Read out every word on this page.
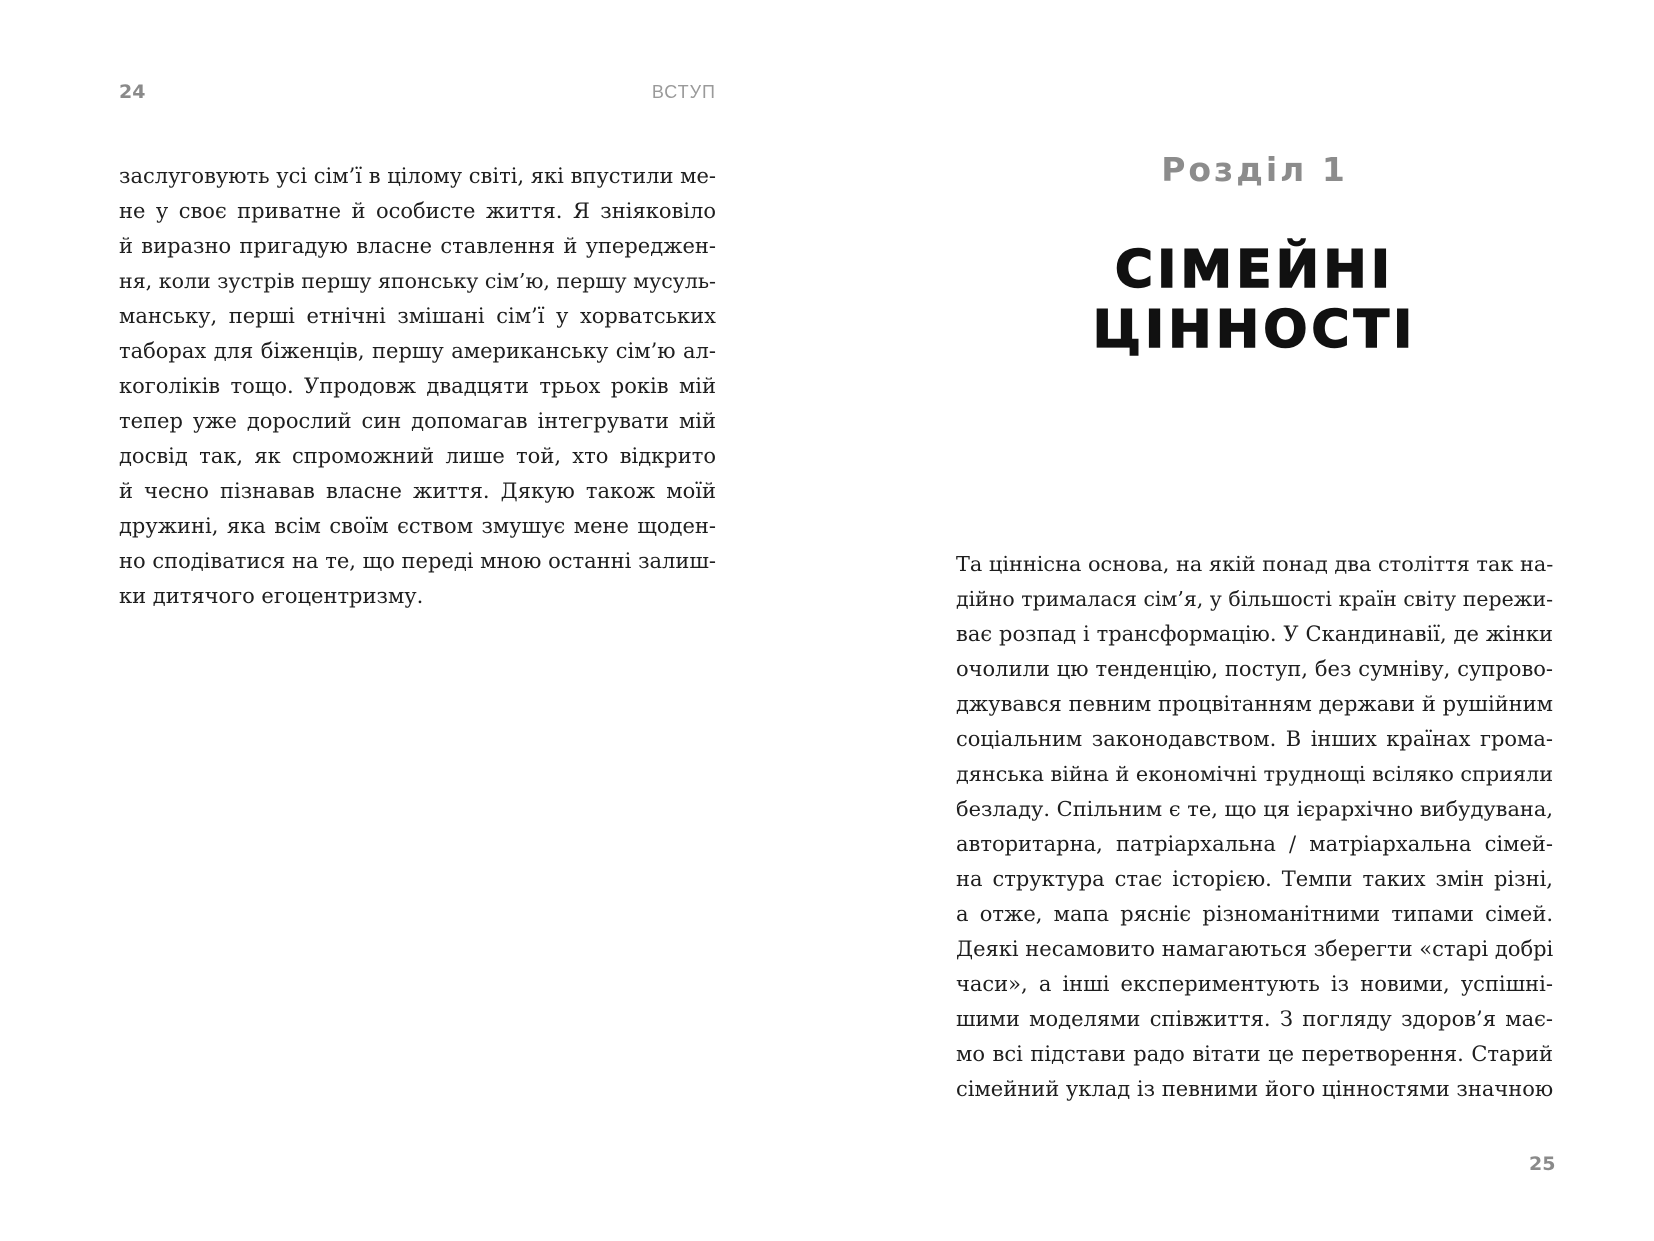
24	ВСТУП
заслуговують усі сім’ї в цілому світі, які впустили ме-
не у своє приватне й особисте життя. Я зніяковіло
й виразно пригадую власне ставлення й упереджен-
ня, коли зустрів першу японську сім’ю, першу мусуль-
манську, перші етнічні змішані сім’ї у хорватських
таборах для біженців, першу американську сім’ю ал-
коголіків тощо. Упродовж двадцяти трьох років мій
тепер уже дорослий син допомагав інтегрувати мій
досвід так, як спроможний лише той, хто відкрито
й чесно пізнавав власне життя. Дякую також моїй
дружині, яка всім своїм єством змушує мене щоден-
но сподіватися на те, що переді мною останні залиш-
ки дитячого егоцентризму.
Розділ 1
СІМЕЙНІ ЦІННОСТІ
Та ціннісна основа, на якій понад два століття так на-
дійно трималася сім’я, у більшості країн світу пережи-
ває розпад і трансформацію. У Скандинавії, де жінки
очолили цю тенденцію, поступ, без сумніву, супрово-
джувався певним процвітанням держави й рушійним
соціальним законодавством. В інших країнах грома-
дянська війна й економічні труднощі всіляко сприяли
безладу. Спільним є те, що ця ієрархічно вибудувана,
авторитарна, патріархальна / матріархальна сімей-
на структура стає історією. Темпи таких змін різні,
а отже, мапа рясніє різноманітними типами сімей.
Деякі несамовито намагаються зберегти «старі добрі
часи», а інші експериментують із новими, успішні-
шими моделями співжиття. З погляду здоров’я має-
мо всі підстави радо вітати це перетворення. Старий
сімейний уклад із певними його цінностями значною
25
